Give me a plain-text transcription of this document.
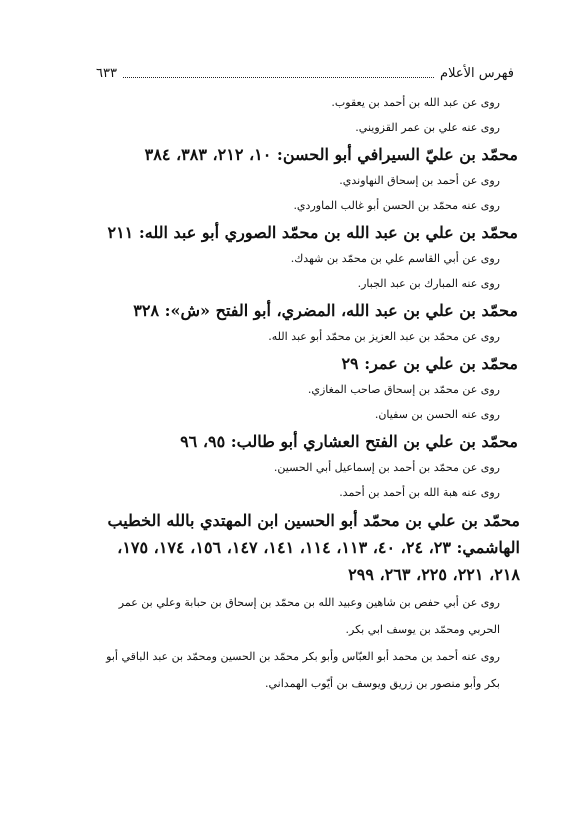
فهرس الأعلام
٦٣٣
روى عن عبد الله بن أحمد بن يعقوب.
روى عنه علي بن عمر القزويني.
محمّد بن عليّ السيرافي أبو الحسن: ١٠، ٢١٢، ٣٨٣، ٣٨٤
روى عن أحمد بن إسحاق النهاوندي.
روى عنه محمّد بن الحسن أبو غالب الماوردي.
محمّد بن علي بن عبد الله بن محمّد الصوري أبو عبد الله: ٢١١
روى عن أبي القاسم علي بن محمّد بن شهدك.
روى عنه المبارك بن عبد الجبار.
محمّد بن علي بن عبد الله، المضري، أبو الفتح «ش»: ٣٢٨
روى عن محمّد بن عبد العزيز بن محمّد أبو عبد الله.
محمّد بن علي بن عمر: ٢٩
روى عن محمّد بن إسحاق صاحب المغازي.
روى عنه الحسن بن سفيان.
محمّد بن علي بن الفتح العشاري أبو طالب: ٩٥، ٩٦
روى عن محمّد بن أحمد بن إسماعيل أبي الحسين.
روى عنه هبة الله بن أحمد بن أحمد.
محمّد بن علي بن محمّد أبو الحسين ابن المهتدي بالله الخطيب الهاشمي: ٢٣، ٢٤، ٤٠، ١١٣، ١١٤، ١٤١، ١٤٧، ١٥٦، ١٧٤، ١٧٥، ٢١٨، ٢٢١، ٢٢٥، ٢٦٣، ٢٩٩
روى عن أبي حفص بن شاهين وعبيد الله بن محمّد بن إسحاق بن حبابة وعلي بن عمر الحربي ومحمّد بن يوسف ابي بكر.
روى عنه أحمد بن محمد أبو العبّاس وأبو بكر محمّد بن الحسين ومحمّد بن عبد الباقي أبو بكر وأبو منصور بن زريق ويوسف بن أيّوب الهمداني.
